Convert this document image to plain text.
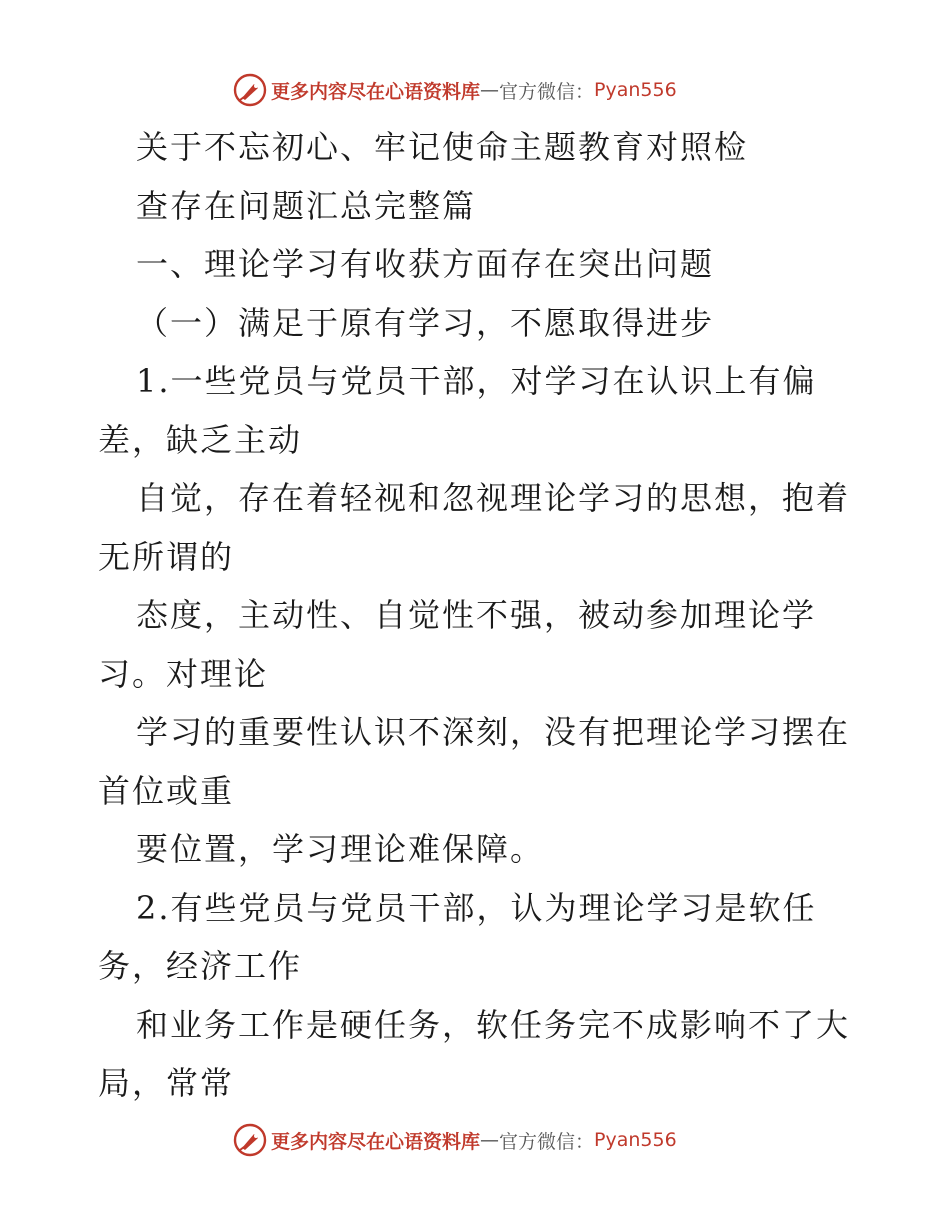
更多内容尽在心语资料库 — 官方微信： Pyan556
关于不忘初心、牢记使命主题教育对照检
查存在问题汇总完整篇
一、理论学习有收获方面存在突出问题
（一）满足于原有学习，不愿取得进步
1.一些党员与党员干部，对学习在认识上有偏
差，缺乏主动
自觉，存在着轻视和忽视理论学习的思想，抱着
无所谓的
态度，主动性、自觉性不强，被动参加理论学
习。对理论
学习的重要性认识不深刻，没有把理论学习摆在
首位或重
要位置，学习理论难保障。
2.有些党员与党员干部，认为理论学习是软任
务，经济工作
和业务工作是硬任务，软任务完不成影响不了大
局，常常
更多内容尽在心语资料库 — 官方微信： Pyan556
